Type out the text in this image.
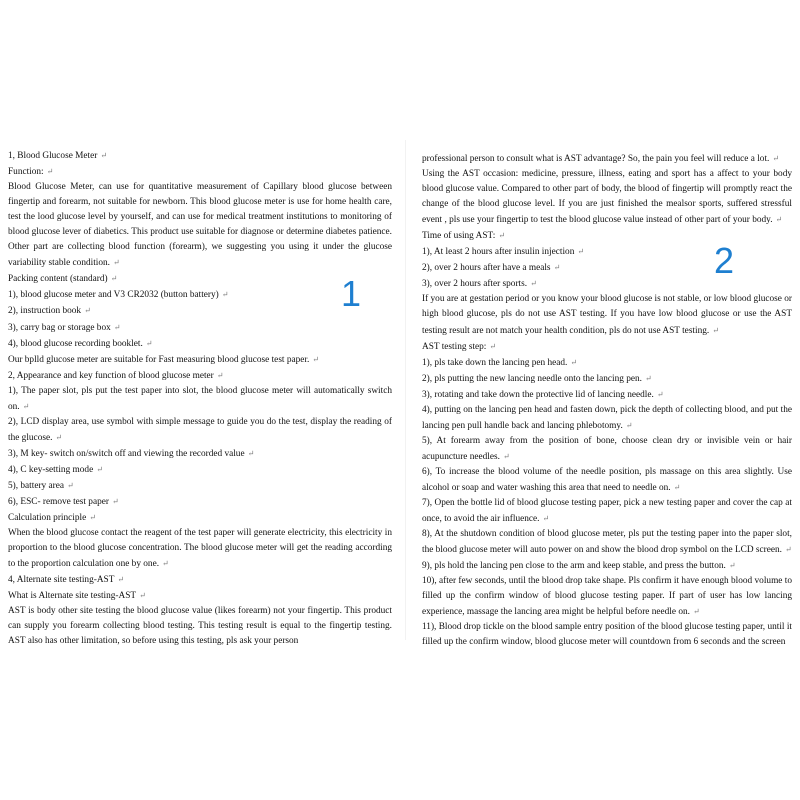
1, Blood Glucose Meter ↵
Function: ↵
Blood Glucose Meter, can use for quantitative measurement of Capillary blood glucose between fingertip and forearm, not suitable for newborn. This blood glucose meter is use for home health care, test the lood glucose level by yourself, and can use for medical treatment institutions to monitoring of blood glucose lever of diabetics. This product use suitable for diagnose or determine diabetes patience. Other part are collecting blood function (forearm), we suggesting you using it under the glucose variability stable condition. ↵
Packing content (standard) ↵
1), blood glucose meter and V3 CR2032 (button battery) ↵
2), instruction book ↵
3), carry bag or storage box ↵
4), blood glucose recording booklet. ↵
Our bplld glucose meter are suitable for Fast measuring blood glucose test paper. ↵
2, Appearance and key function of blood glucose meter ↵
1), The paper slot, pls put the test paper into slot, the blood glucose meter will automatically switch on. ↵
2), LCD display area, use symbol with simple message to guide you do the test, display the reading of the glucose. ↵
3), M key- switch on/switch off and viewing the recorded value ↵
4), C key-setting mode ↵
5), battery area ↵
6), ESC- remove test paper ↵
Calculation principle ↵
When the blood glucose contact the reagent of the test paper will generate electricity, this electricity in proportion to the blood glucose concentration. The blood glucose meter will get the reading according to the proportion calculation one by one. ↵
4, Alternate site testing-AST ↵
What is Alternate site testing-AST ↵
AST is body other site testing the blood glucose value (likes forearm) not your fingertip. This product can supply you forearm collecting blood testing. This testing result is equal to the fingertip testing. AST also has other limitation, so before using this testing, pls ask your person
professional person to consult what is AST advantage? So, the pain you feel will reduce a lot. ↵
Using the AST occasion: medicine, pressure, illness, eating and sport has a affect to your body blood glucose value. Compared to other part of body, the blood of fingertip will promptly react the change of the blood glucose level. If you are just finished the mealsor sports, suffered stressful event , pls use your fingertip to test the blood glucose value instead of other part of your body. ↵
Time of using AST: ↵
1), At least 2 hours after insulin injection ↵
2), over 2 hours after have a meals ↵
3), over 2 hours after sports. ↵
If you are at gestation period or you know your blood glucose is not stable, or low blood glucose or high blood glucose, pls do not use AST testing. If you have low blood glucose or use the AST testing result are not match your health condition, pls do not use AST testing. ↵
AST testing step: ↵
1), pls take down the lancing pen head. ↵
2), pls putting the new lancing needle onto the lancing pen. ↵
3), rotating and take down the protective lid of lancing needle. ↵
4), putting on the lancing pen head and fasten down, pick the depth of collecting blood, and put the lancing pen pull handle back and lancing phlebotomy. ↵
5), At forearm away from the position of bone, choose clean dry or invisible vein or hair acupuncture needles. ↵
6), To increase the blood volume of the needle position, pls massage on this area slightly. Use alcohol or soap and water washing this area that need to needle on. ↵
7), Open the bottle lid of blood glucose testing paper, pick a new testing paper and cover the cap at once, to avoid the air influence. ↵
8), At the shutdown condition of blood glucose meter, pls put the testing paper into the paper slot, the blood glucose meter will auto power on and show the blood drop symbol on the LCD screen. ↵
9), pls hold the lancing pen close to the arm and keep stable, and press the button. ↵
10), after few seconds, until the blood drop take shape. Pls confirm it have enough blood volume to filled up the confirm window of blood glucose testing paper. If part of user has low lancing experience, massage the lancing area might be helpful before needle on. ↵
11), Blood drop tickle on the blood sample entry position of the blood glucose testing paper, until it filled up the confirm window, blood glucose meter will countdown from 6 seconds and the screen
1
2
